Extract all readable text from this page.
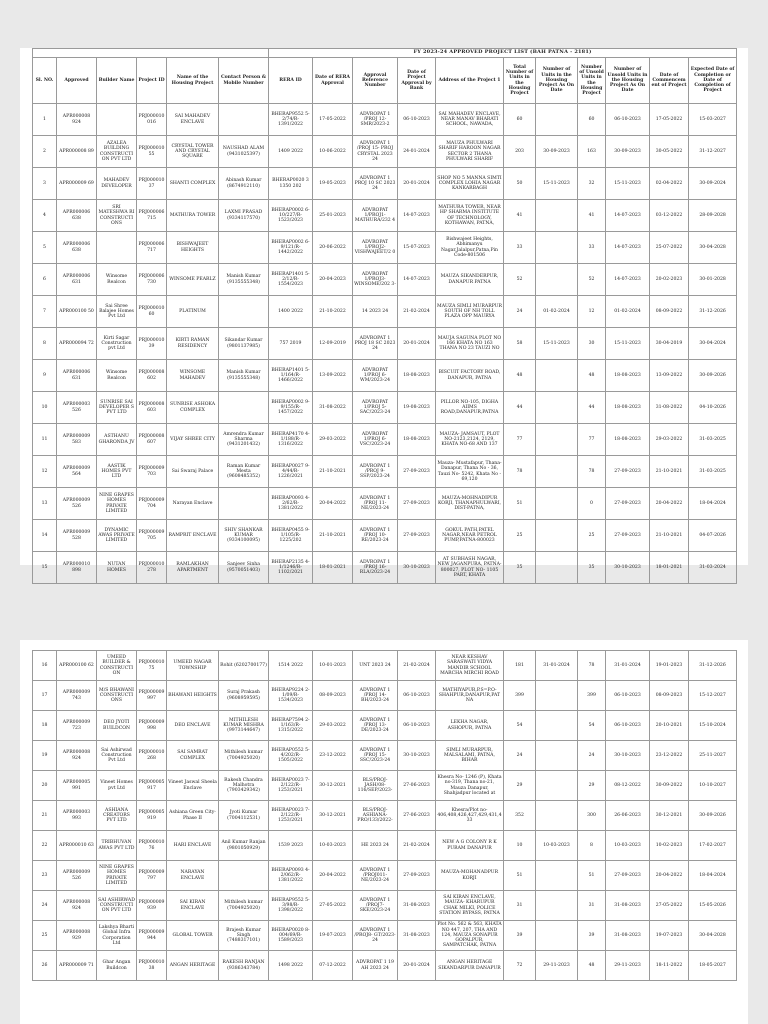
						FY 2023-24 APPROVED PROJECT LIST (BAH PATNA - 2181)										
Sl. NO.	Approved	Builder Name	Project ID	Name of the Housing Project	Contact Person & Mobile Number	RERA ID	Date of RERA Approval	Approval Reference Number	Date of Project Approval by Bank	Address of the Project 1	Total Number of Units in the Housing Project	Number of Units in the Housing Project As On Date	Number of Unsold Units in the Housing Project	Number of Unsold Units in the Housing Project As On Date	Date of Commencement of Project	Expected Date of Completion or Date of Completion of Project
1	APR000008 924		PRJ000010 016	SAI MAHADEV ENCLAVE		BHERAP9552 5-2/74/R-1391/2022	17-05-2022	ADVROPAT 1 /PROJ 12-SMR/2023-2	06-10-2023	SAI MAHADEV ENCLAVE, NEAR MANAV BHARATI SCHOOL, NAWADA,	60		60	06-10-2023	17-05-2022	15-03-2027
2	APR000008 89	AZALEA BUILDING CONSTRUCTI ON PVT LTD	PRJ000010 55	CRYSTAL TOWER AND CRYSTAL SQUARE	NAUSHAD ALAM (9431025397)	1409 2022	10-06-2022	ADVROPAT 1 /PROJ 15- PROJ CRYSTAL 2023 24	24-01-2024	MAUZA PHULWARI SHARIF HAROON NAGAR SECTOR 2 THANA PHULWARI SHARIF	203	30-09-2023	163	30-09-2023	30-05-2022	31-12-2027
3	APR000009 69	MAHADEV DEVELOPER	PRJ000010 37	SHANTI COMPLEX	Abinash Kumar (8674912110)	BHERAP0020 3 1350 202	19-05-2023	ADVROPAT 1 PROJ 10 SC 2023 24	20-01-2024	SHOP NO 5 MANNA SIMTI COMPLEX LOHIA NAGAR KANKARBAGH	50	15-11-2023	32	15-11-2023	02-04-2022	30-09-2024
4	APR000006 638	SRI MATESHWA RI CONSTRUCTI ONS	PRJ000006 715	MATHURA TOWER	LAXMI PRASAD (9334117570)	BHERAP0002 6-10/227/R-1523/2023	25-01-2023	ADVROPAT 1/PROJ1- MATHURA/232 4	14-07-2023	MATHURA TOWER, NEAR HP SHARMA INSTITUTE OF TECHNOLOGY, KOTHAWAN, PATNA,	41		41	14-07-2023	03-12-2022	28-09-2028
5	APR000006 638		PRJ000006 717	BISHWAJEET HEIGHTS		BHERAP0002 6-9/121/R-1442/2022	20-06-2022	ADVROPAT 1/PROJ2- VISHWAJEET/2 0	15-07-2023	Bishwajeet Heights, Abhimanyu Nagar,Jalalpur,Patna,Pin Code-801506	33		33	14-07-2023	25-07-2022	30-04-2028
6	APR000006 631	Winsome Realcon	PRJ000006 730	WINSOME PEARLZ	Manish Kumar (9135555348)	BHERAP1401 5-2/12/R-1554/2023	20-04-2023	ADVROPAT 1/PROJ3- WINSOME/202 3-	14-07-2023	MAUZA SIKANDERPUR, DANAPUR PATNA	52		52	14-07-2023	20-02-2023	30-01-2028
7	APR000100 50	Sai Shree Balajee Homes Pvt Ltd	PRJ000010 60	PLATINUM		1400 2022	21-10-2022	14 2023 24	21-02-2024	MAUZA SIMLI MURARPUR SOUTH OF NH TOLL PLAZA OPP MAURYA	24	01-02-2024	12	01-02-2024	08-09-2022	31-12-2026
8	APR000094 72	Kirti Sagar Construction pvt Ltd	PRJ000010 39	KIRTI RAMAN RESIDENCY	Sikandar Kumar (9801137985)	757 2019	12-09-2019	ADVROPAT 1 PROJ 18 SC 2023 24	20-01-2024	MAUJA SAGUNA PLOT NO 166 KHATA NO 163 THANA NO 23 TAUZI NO	58	15-11-2023	30	15-11-2023	30-04-2019	30-04-2024
9	APR000006 631	Winsome Realcon	PRJ000008 602	WINSOME MAHADEV	Manish Kumar (9135555348)	BHERAP1401 5-1/164/R-1466/2022	13-09-2022	ADVROPAT 1/PROJ 6- WM/2023-24	18-08-2023	BISCUIT FACTORY ROAD, DANAPUR, PATNA	48		48	18-08-2023	13-09-2022	30-09-2026
10	APR000003 526	SUNRISE SAI DEVELOPER S PVT LTD	PRJ000008 603	SUNRISE ASHOKA COMPLEX		BHERAP0002 9-9/155/R-1457/2022	31-08-2022	ADVROPAT 1/PROJ 5- SAC/2023-24	19-08-2023	PILLOR NO-105, DIGHA AIIMS ROAD,DANAPUR,PATNA	44		44	18-08-2023	31-08-2022	04-10-2026
11	APR000009 583	ASTHANU GHARONDA JV	PRJ000008 607	VIJAY SHREE CITY	Amrendra Kumar Sharma (9431201432)	BHERAP4170 4-1/188/R-1316/2022	29-03-2022	ADVROPAT 1/PROJ 6- VSC/2023-24	18-08-2023	MAUZA- JAMSAUT, PLOT NO-2123,2124, 2129, KHATA NO-68 AND 137	77		77	18-08-2023	29-03-2022	31-03-2025
12	APR000009 564	AASTIK HOMES PVT LTD	PRJ000009 703	Sai Swaraj Palace	Raman Kumar Mesta (9608485352)	BHERAP0027 9-4/44/R-1226/2021	21-10-2021	ADVROPAT 1 /PROJ 9- SSP/2023-24	27-09-2023	Mauza- Mustafapur, Thana- Danapur, Thana No - 36, Tauzi No- 5242, Khata No - 69,120	78		78	27-09-2023	21-10-2021	31-03-2025
13	APR000009 526	NINE GRAPES HOMES PRIVATE LIMITED	PRJ000009 704	Narayan Enclave		BHERAP0093 4-2/62/R-1381/2022	20-04-2022	ADVROPAT 1 /PROJ 11- NE/2023-24	27-09-2023	MAUZA-MOHNADIPUR KORJI, THANAPHULWARI, DIST-PATNA,	51		0	27-09-2023	20-04-2022	18-04-2024
14	APR000009 528	DYNAMIC AWAS PRIVATE LIMITED	PRJ000009 705	RAMPRIT ENCLAVE	SHIV SHANKAR KUMAR (9334100095)	BHERAP0455 9-1/105/R-1225/202	21-10-2021	ADVROPAT 1 /PROJ 10- RE/2023-24	27-09-2023	GOKUL PATH,PATEL NAGAR,NEAR PETROL PUMP,PATNA-800023	25		25	27-09-2023	21-10-2021	04-07-2026
15	APR000010 898	NUTAN HOMES	PRJ000010 278	RAMLAKHAN APARTMENT	Sanjeev Sinha (9570051403)	BHERAP2135 4-1/1246/R-1102/2021	18-01-2021	ADVROPAT 1 /PROJ 16- RLA/2023-24	30-10-2023	AT SUBHASH NAGAR, NEW JAGANPURA, PATNA- 800027, PLOT NO- 1105 PART, KHATA	35		35	30-10-2023	18-01-2021	31-03-2024
16	APR000100 62	UMEED BUILDER & CONSTRUCTI ON	PRJ000010 75	UMEED NAGAR TOWNSHIP	Rohit (6202700177)	1514 2022	10-01-2023	UNT 2023 24	21-02-2024	NEAR KESHAV SARASWATI VIDYA MANDIR SCHOOL MARCHA MIRCHI ROAD	181	31-01-2024	78	31-01-2024	19-01-2023	31-12-2026
17	APR000009 743	M/S BHAWANI CONSTRUCTI ONS	PRJ000009 997	BHAWANI HEIGHTS	Suraj Prakash (9608959595)	BHERAP9224 2-1/09/R-1534/2023	08-09-2023	ADVROPAT 1 /PROJ 14- BH/2023-24	06-10-2023	MATHIYAPUR,P.S=P.O-SHAHPUR,DANAPUR,PATNA	399		399	06-10-2023	08-09-2023	15-12-2027
18	APR000009 723	DEO JYOTI BUILDCON	PRJ000009 998	DEO ENCLAVE	MITHILESH KUMAR MISHRA (9973144647)	BHERAP7594 2-1/163/R-1315/2022	29-03-2022	ADVROPAT 1 /PROJ 13- DE/2023-24	06-10-2023	LEKHA NAGAR, ASHOPUR, PATNA	54		54	06-10-2023	20-10-2021	15-10-2024
19	APR000008 924	Sai Ashirwad Construction Pvt Ltd	PRJ000010 268	SAI SAMRAT COMPLEX	Mithilesh kumar (7004925020)	BHERAP0552 5-4/202/R-1505/2022	23-12-2022	ADVROPAT 1 /PROJ 15- SSC/2023-24	30-10-2023	SIMLI MURARPUR, MALSALAMI, PATNA, BIHAR	24		24	30-10-2023	23-12-2022	25-11-2027
20	APR000005 991	Vineet Homes pvt Ltd	PRJ000005 917	Vineet Jaswal Sheela Enclave	Rakesh Chandra Malhotra (7903429342)	BHERAP0023 7-2/122/R-1253/2021	30-12-2021	BLS/PROJ-JASH/08-116/SEP/2023-	27-06-2023	Khesra No- 1246 (P), Khata no-319, Thana no-21, Mauza Danapur, Shahjadpur located at	29		29	08-12-2022	30-09-2022	10-10-2027
21	APR000003 993	ASHIANA CREATORS PVT LTD	PRJ000005 919	Ashiana Green City- Phase II	Jyoti Kumar (7004112531)	BHERAP0023 7-2/122/R-1253/2021	30-12-2021	BLS/PROJ-ASHIANA-PRO/133/2022-	27-06-2023	Khesra/Plot no-406,408,426,427,429,431,433	352		300	26-06-2023	30-12-2021	30-09-2026
22	APR000010 63	TRIBHUVAN AWAS PVT LTD	PRJ000010 76	HARI ENCLAVE	Anil Kumar Ranjan (9801050929)	1539 2023	10-03-2023	HE 2023 24	21-02-2024	NEW A G COLONY R K PURAM DANAPUR	10	10-03-2023	8	10-03-2023	10-02-2023	17-02-2027
23	APR000009 526	NINE GRAPES HOMES PRIVATE LIMITED	PRJ000009 797	NARAYAN ENCLAVE		BHERAP0093 4-2/062/R-1381/2022	20-04-2022	ADVROPAT 1 /PROJ011- NE/2023-24	27-09-2023	MAUZA-MOHANADPUR KORJI	51		51	27-09-2023	20-04-2022	18-04-2024
24	APR000008 924	SAI ASHIRWAD CONSTRUCTI ON PVT LTD	PRJ000009 939	SAI KIRAN ENCLAVE	Mithilesh kumar (7004925020)	BHERAP9552 5-3/98/R-1398/2022	27-05-2022	ADVROPAT 1 /PROJ7- SKE/2023-24	31-08-2023	SAI KIRAN ENCLAVE, MAUZA- KHARUPUR CHAK MILKI, POLICE STATION BYPASS, PATNA	31		31	31-08-2023	27-05-2022	15-05-2026
25	APR000008 929	Lakshya Bharti Global Infra Corporation Ltd	PRJ000009 944	GLOBAL TOWER	Brajesh Kumar Singh (7488317101)	BHERAP0020 8-004/69/R-1589/2023	19-07-2023	ADVROPAT 1 /PROJ8- GT/2023-24	31-08-2023	Plot No. 562 & 563, KHATA NO 447, 207, THA AND 124, MAUZA SONAPUR GOPALPUR, SAMPATCHAK, PATNA	39		39	31-08-2023	19-07-2023	30-04-2028
26	APR000009 71	Ghar Angan Buildcon	PRJ000010 38	ANGAN HERITAGE	RAKESH RANJAN (9386343784)	1498 2022	07-12-2022	ADVROPAT 1 19 AH 2023 24	20-01-2024	ANGAN HERITAGE SIKANDARPUR DANAPUR	72	29-11-2023	48	29-11-2023	18-11-2022	18-05-2027
